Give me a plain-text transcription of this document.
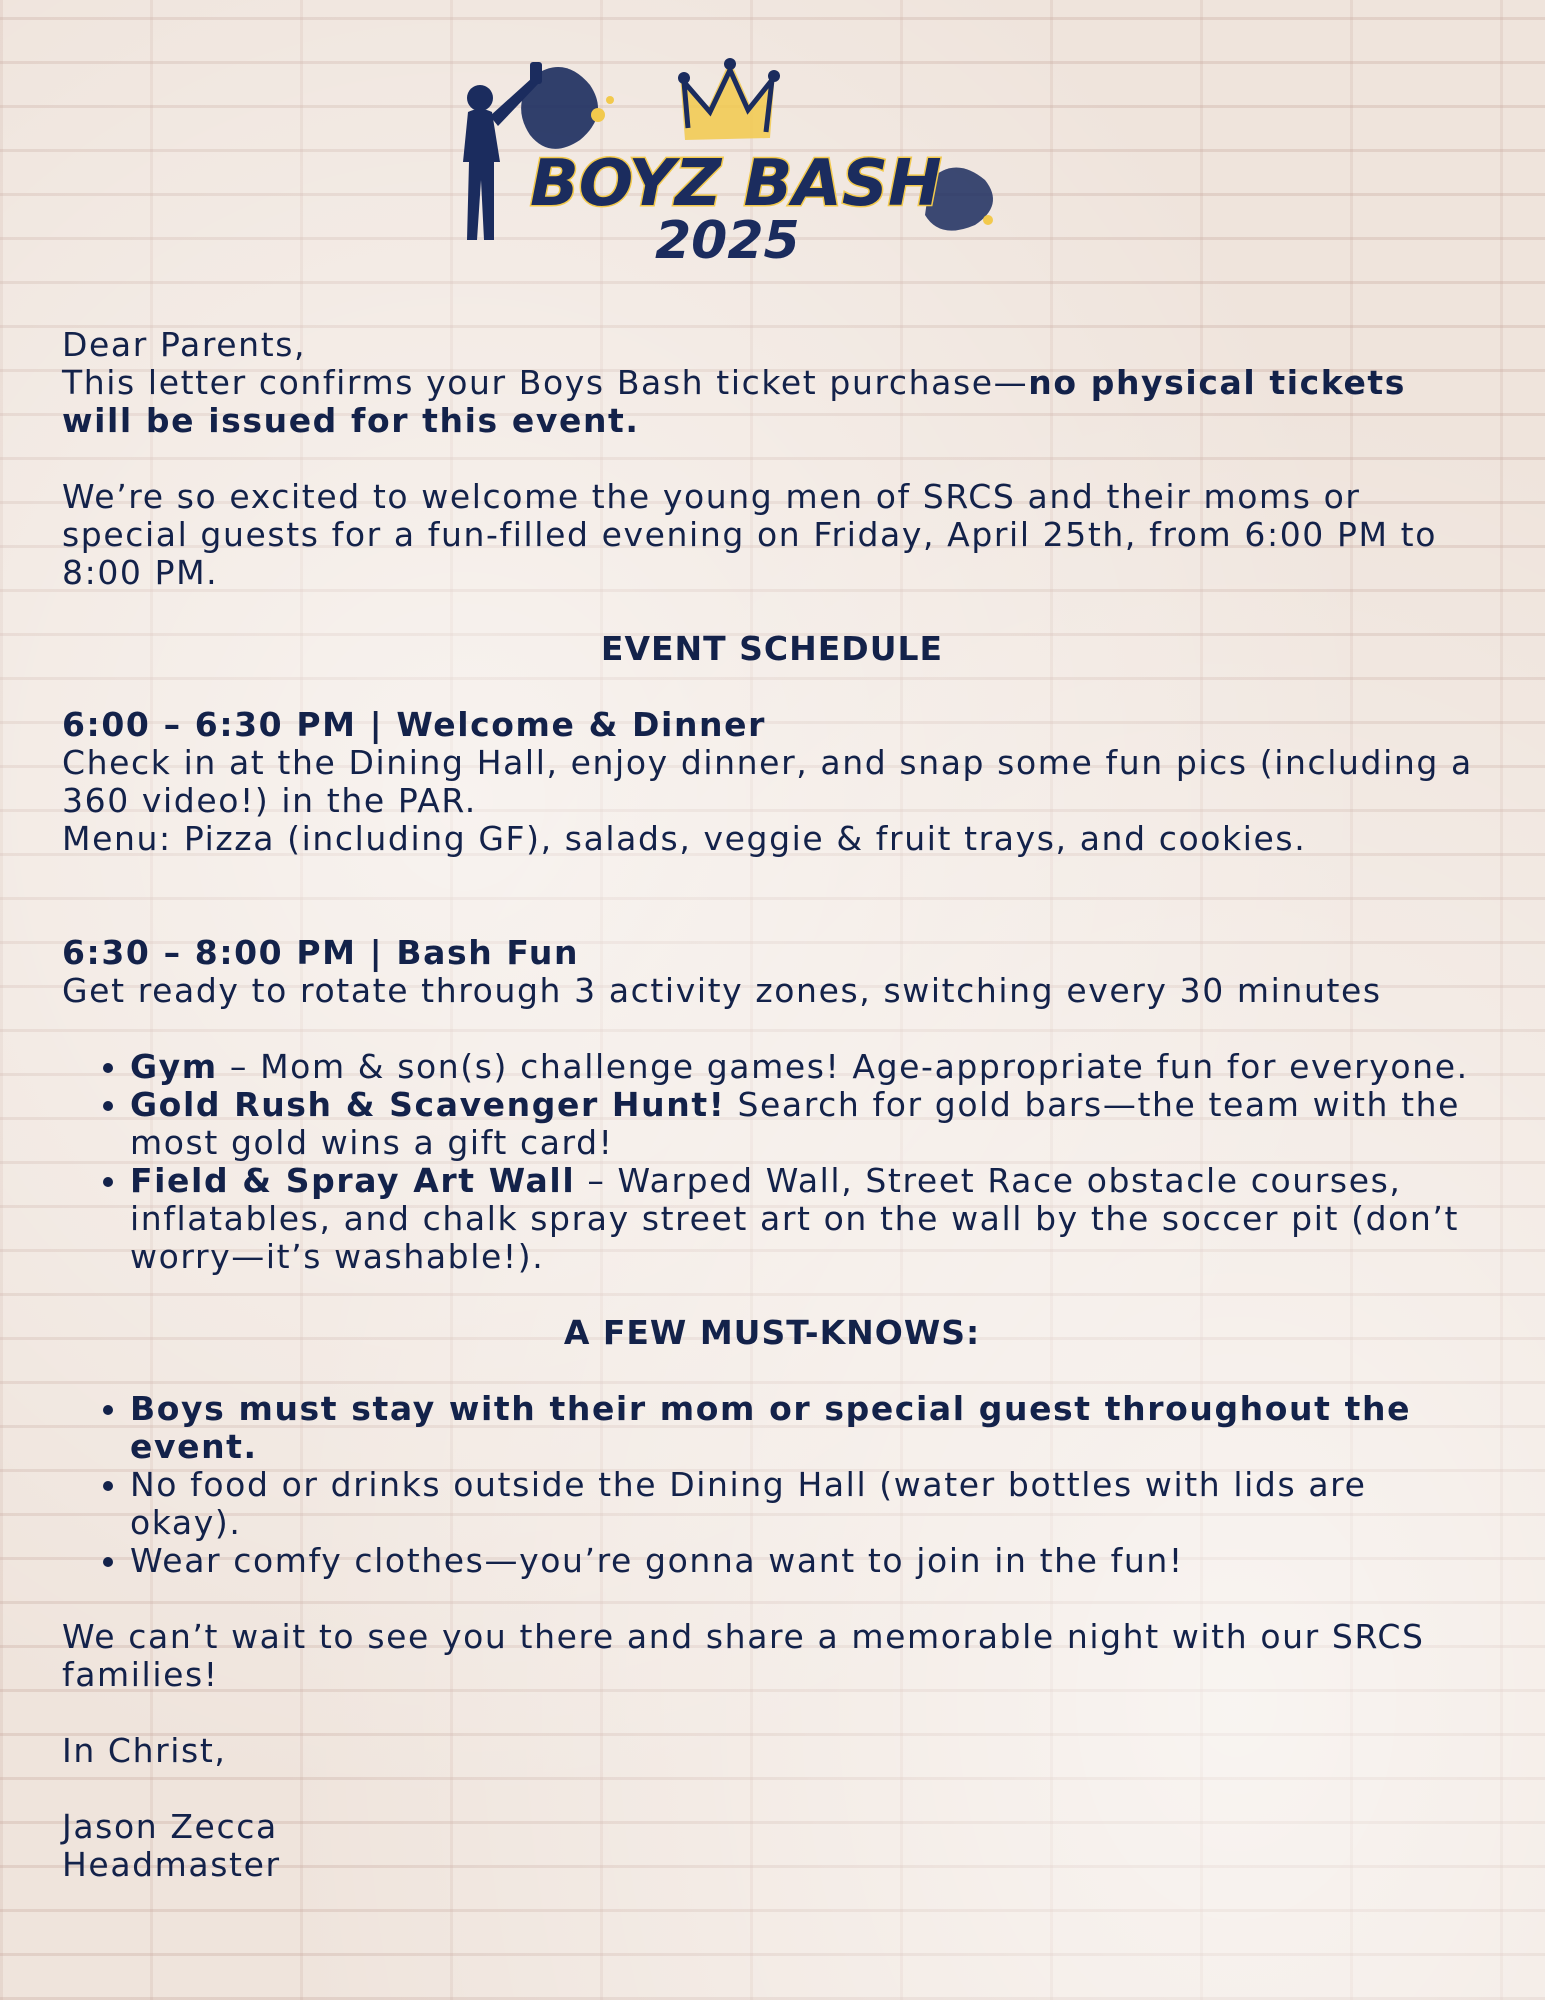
BOYZ BASH
2025

Dear Parents,

This letter confirms your Boys Bash ticket purchase—no physical tickets will be issued for this event.

We’re so excited to welcome the young men of SRCS and their moms or special guests for a fun-filled evening on Friday, April 25th, from 6:00 PM to 8:00 PM.

EVENT SCHEDULE

6:00 – 6:30 PM | Welcome & Dinner

Check in at the Dining Hall, enjoy dinner, and snap some fun pics (including a 360 video!) in the PAR.

Menu: Pizza (including GF), salads, veggie & fruit trays, and cookies.

6:30 – 8:00 PM | Bash Fun

Get ready to rotate through 3 activity zones, switching every 30 minutes

• Gym – Mom & son(s) challenge games! Age-appropriate fun for everyone.
• Gold Rush & Scavenger Hunt! Search for gold bars—the team with the most gold wins a gift card!
• Field & Spray Art Wall – Warped Wall, Street Race obstacle courses, inflatables, and chalk spray street art on the wall by the soccer pit (don’t worry—it’s washable!).

A FEW MUST-KNOWS:

• Boys must stay with their mom or special guest throughout the event.
• No food or drinks outside the Dining Hall (water bottles with lids are okay).
• Wear comfy clothes—you’re gonna want to join in the fun!

We can’t wait to see you there and share a memorable night with our SRCS families!

In Christ,

Jason Zecca

Headmaster
